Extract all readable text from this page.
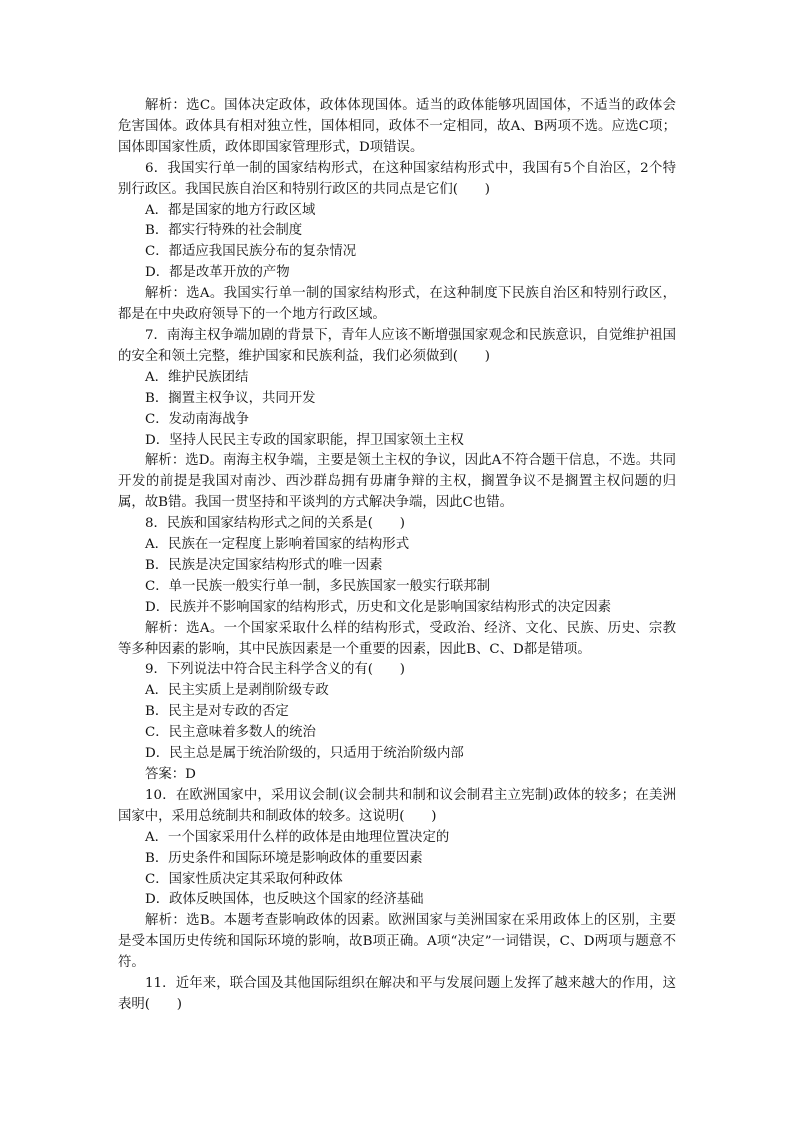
解析：选C。国体决定政体，政体体现国体。适当的政体能够巩固国体，不适当的政体会危害国体。政体具有相对独立性，国体相同，政体不一定相同，故A、B两项不选。应选C项；国体即国家性质，政体即国家管理形式，D项错误。

6．我国实行单一制的国家结构形式，在这种国家结构形式中，我国有5个自治区，2个特别行政区。我国民族自治区和特别行政区的共同点是它们(　　)

A．都是国家的地方行政区域

B．都实行特殊的社会制度

C．都适应我国民族分布的复杂情况

D．都是改革开放的产物

解析：选A。我国实行单一制的国家结构形式，在这种制度下民族自治区和特别行政区，都是在中央政府领导下的一个地方行政区域。

7．南海主权争端加剧的背景下，青年人应该不断增强国家观念和民族意识，自觉维护祖国的安全和领土完整，维护国家和民族利益，我们必须做到(　　)

A．维护民族团结

B．搁置主权争议，共同开发

C．发动南海战争

D．坚持人民民主专政的国家职能，捍卫国家领土主权

解析：选D。南海主权争端，主要是领土主权的争议，因此A不符合题干信息，不选。共同开发的前提是我国对南沙、西沙群岛拥有毋庸争辩的主权，搁置争议不是搁置主权问题的归属，故B错。我国一贯坚持和平谈判的方式解决争端，因此C也错。

8．民族和国家结构形式之间的关系是(　　)

A．民族在一定程度上影响着国家的结构形式

B．民族是决定国家结构形式的唯一因素

C．单一民族一般实行单一制，多民族国家一般实行联邦制

D．民族并不影响国家的结构形式，历史和文化是影响国家结构形式的决定因素

解析：选A。一个国家采取什么样的结构形式，受政治、经济、文化、民族、历史、宗教等多种因素的影响，其中民族因素是一个重要的因素，因此B、C、D都是错项。

9．下列说法中符合民主科学含义的有(　　)

A．民主实质上是剥削阶级专政

B．民主是对专政的否定

C．民主意味着多数人的统治

D．民主总是属于统治阶级的，只适用于统治阶级内部

答案：D

10．在欧洲国家中，采用议会制(议会制共和制和议会制君主立宪制)政体的较多；在美洲国家中，采用总统制共和制政体的较多。这说明(　　)

A．一个国家采用什么样的政体是由地理位置决定的

B．历史条件和国际环境是影响政体的重要因素

C．国家性质决定其采取何种政体

D．政体反映国体，也反映这个国家的经济基础

解析：选B。本题考查影响政体的因素。欧洲国家与美洲国家在采用政体上的区别，主要是受本国历史传统和国际环境的影响，故B项正确。A项“决定”一词错误，C、D两项与题意不符。

11．近年来，联合国及其他国际组织在解决和平与发展问题上发挥了越来越大的作用，这表明(　　)
